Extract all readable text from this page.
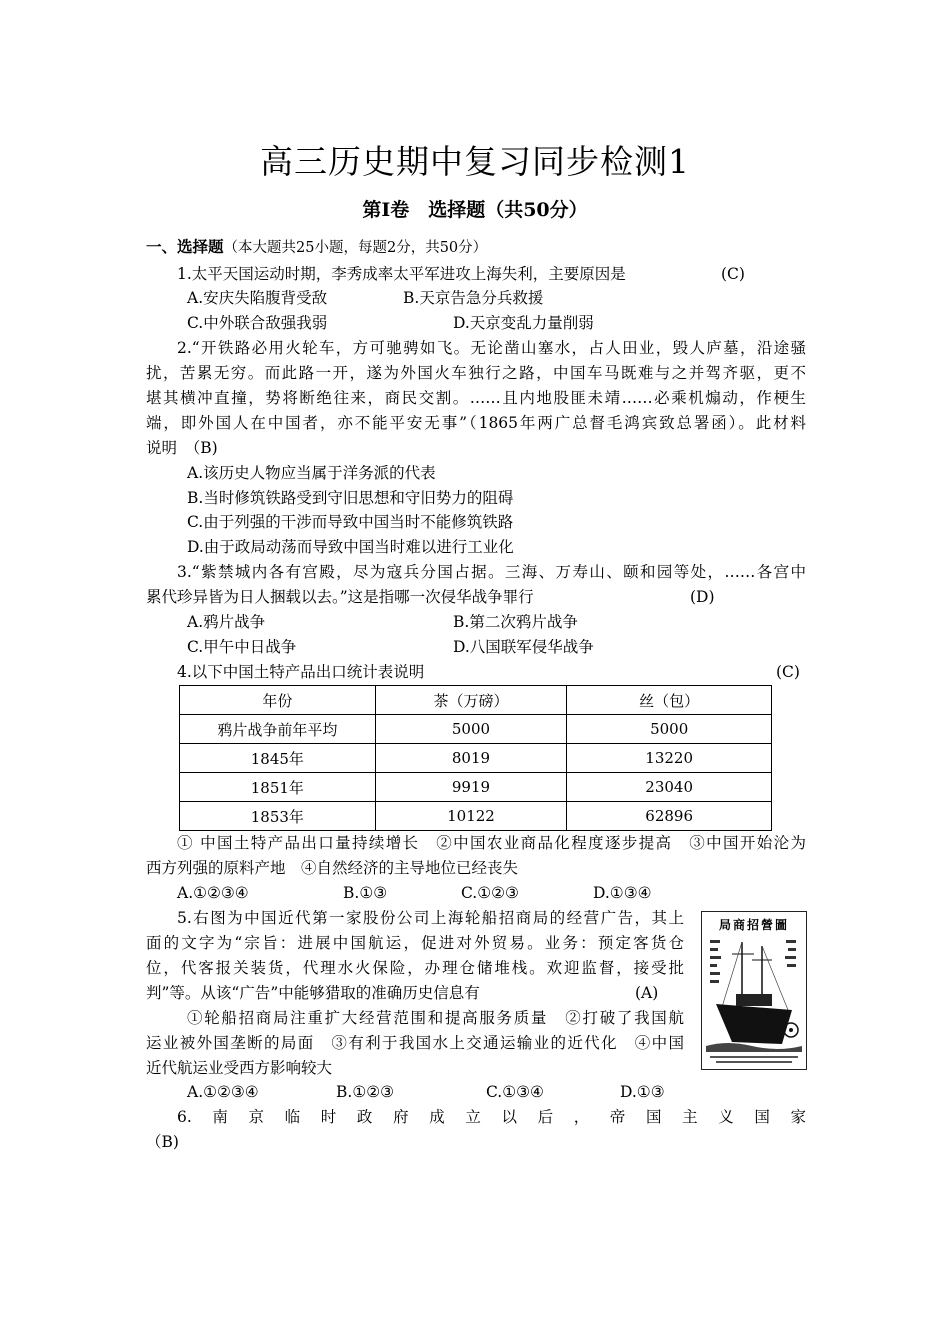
高三历史期中复习同步检测1
第Ⅰ卷　选择题（共50分）
一、选择题（本大题共25小题，每题2分，共50分）
1.太平天国运动时期，李秀成率太平军进攻上海失利，主要原因是	(C)
A.安庆失陷腹背受敌	B.天京告急分兵救援
C.中外联合敌强我弱	D.天京变乱力量削弱
2.“开铁路必用火轮车，方可驰骋如飞。无论凿山塞水，占人田业，毁人庐墓，沿途骚
扰，苦累无穷。而此路一开，遂为外国火车独行之路，中国车马既难与之并驾齐驱，更不
堪其横冲直撞，势将断绝往来，商民交割。……且内地股匪未靖……必乘机煽动，作梗生
端，即外国人在中国者，亦不能平安无事”（1865年两广总督毛鸿宾致总署函）。此材料
说明　（B)
A.该历史人物应当属于洋务派的代表
B.当时修筑铁路受到守旧思想和守旧势力的阻碍
C.由于列强的干涉而导致中国当时不能修筑铁路
D.由于政局动荡而导致中国当时难以进行工业化
3.“紫禁城内各有宫殿，尽为寇兵分国占据。三海、万寿山、颐和园等处，……各宫中
累代珍异皆为日人捆载以去。”这是指哪一次侵华战争罪行	(D)
A.鸦片战争	B.第二次鸦片战争
C.甲午中日战争	D.八国联军侵华战争
4.以下中国土特产品出口统计表说明	(C)
年份	茶（万磅）	丝（包）
鸦片战争前年平均	5000	5000
1845年	8019	13220
1851年	9919	23040
1853年	10122	62896
① 中国土特产品出口量持续增长　②中国农业商品化程度逐步提高　③中国开始沦为
西方列强的原料产地　④自然经济的主导地位已经丧失
A.①②③④	B.①③	C.①②③	D.①③④
5.右图为中国近代第一家股份公司上海轮船招商局的经营广告，其上
面的文字为“宗旨：进展中国航运，促进对外贸易。业务：预定客货仓
位，代客报关装货，代理水火保险，办理仓储堆栈。欢迎监督，接受批
判”等。从该“广告”中能够猎取的准确历史信息有	(A)
①轮船招商局注重扩大经营范围和提高服务质量　②打破了我国航
运业被外国垄断的局面　③有利于我国水上交通运输业的近代化　④中国
近代航运业受西方影响较大
A.①②③④	B.①②③	C.①③④	D.①③
局商招營圖
6.南京临时政府成立以后，帝国主义国家
（B)
